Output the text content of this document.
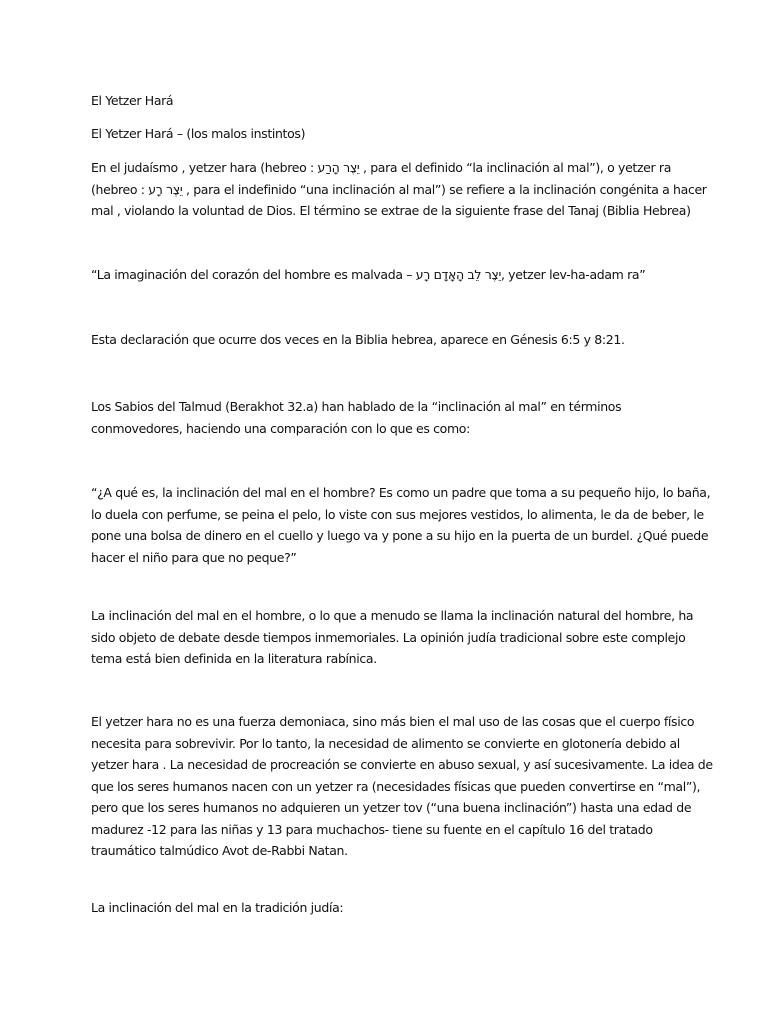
El Yetzer Hará

El Yetzer Hará – (los malos instintos)

En el judaísmo , yetzer hara (hebreo : יֵצֶר הָרַע , para el definido “la inclinación al mal”), o yetzer ra
(hebreo : יֵצֶר רָע , para el indefinido “una inclinación al mal”) se refiere a la inclinación congénita a hacer
mal , violando la voluntad de Dios. El término se extrae de la siguiente frase del Tanaj (Biblia Hebrea)

“La imaginación del corazón del hombre es malvada – יֵצֶר לֵב הָאָדָם רָע, yetzer lev-ha-adam ra”

Esta declaración que ocurre dos veces en la Biblia hebrea, aparece en Génesis 6:5 y 8:21.

Los Sabios del Talmud (Berakhot 32.a) han hablado de la “inclinación al mal” en términos
conmovedores, haciendo una comparación con lo que es como:

“¿A qué es, la inclinación del mal en el hombre? Es como un padre que toma a su pequeño hijo, lo baña,
lo duela con perfume, se peina el pelo, lo viste con sus mejores vestidos, lo alimenta, le da de beber, le
pone una bolsa de dinero en el cuello y luego va y pone a su hijo en la puerta de un burdel. ¿Qué puede
hacer el niño para que no peque?”

La inclinación del mal en el hombre, o lo que a menudo se llama la inclinación natural del hombre, ha
sido objeto de debate desde tiempos inmemoriales. La opinión judía tradicional sobre este complejo
tema está bien definida en la literatura rabínica.

El yetzer hara no es una fuerza demoniaca, sino más bien el mal uso de las cosas que el cuerpo físico
necesita para sobrevivir. Por lo tanto, la necesidad de alimento se convierte en glotonería debido al
yetzer hara . La necesidad de procreación se convierte en abuso sexual, y así sucesivamente. La idea de
que los seres humanos nacen con un yetzer ra (necesidades físicas que pueden convertirse en “mal”),
pero que los seres humanos no adquieren un yetzer tov (“una buena inclinación”) hasta una edad de
madurez -12 para las niñas y 13 para muchachos- tiene su fuente en el capítulo 16 del tratado
traumático talmúdico Avot de-Rabbi Natan.

La inclinación del mal en la tradición judía:
